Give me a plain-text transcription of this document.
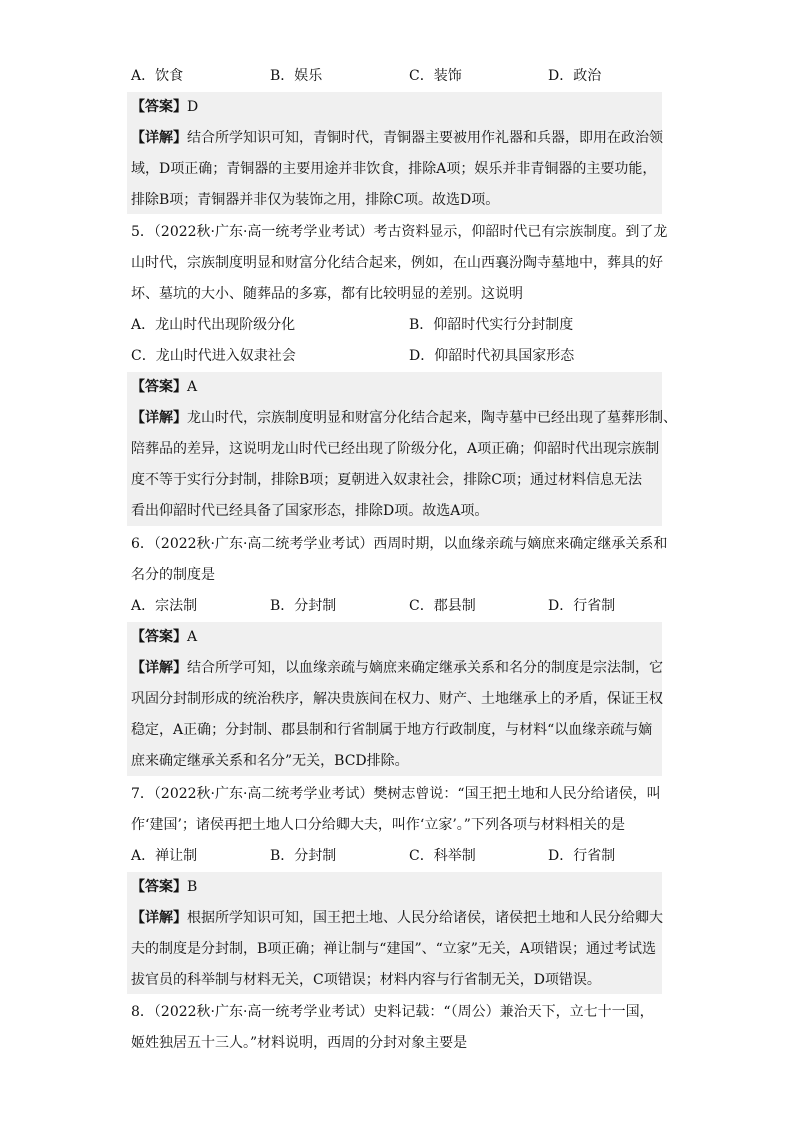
A．饮食	B．娱乐	C．装饰	D．政治
【答案】D
【详解】结合所学知识可知，青铜时代，青铜器主要被用作礼器和兵器，即用在政治领
域，D项正确；青铜器的主要用途并非饮食，排除A项；娱乐并非青铜器的主要功能，
排除B项；青铜器并非仅为装饰之用，排除C项。故选D项。
5．（2022秋·广东·高一统考学业考试）考古资料显示，仰韶时代已有宗族制度。到了龙
山时代，宗族制度明显和财富分化结合起来，例如，在山西襄汾陶寺墓地中，葬具的好
坏、墓坑的大小、随葬品的多寡，都有比较明显的差别。这说明
A．龙山时代出现阶级分化	B．仰韶时代实行分封制度
C．龙山时代进入奴隶社会	D．仰韶时代初具国家形态
【答案】A
【详解】龙山时代，宗族制度明显和财富分化结合起来，陶寺墓中已经出现了墓葬形制、
陪葬品的差异，这说明龙山时代已经出现了阶级分化，A项正确；仰韶时代出现宗族制
度不等于实行分封制，排除B项；夏朝进入奴隶社会，排除C项；通过材料信息无法
看出仰韶时代已经具备了国家形态，排除D项。故选A项。
6．（2022秋·广东·高二统考学业考试）西周时期，以血缘亲疏与嫡庶来确定继承关系和
名分的制度是
A．宗法制	B．分封制	C．郡县制	D．行省制
【答案】A
【详解】结合所学可知，以血缘亲疏与嫡庶来确定继承关系和名分的制度是宗法制，它
巩固分封制形成的统治秩序，解决贵族间在权力、财产、土地继承上的矛盾，保证王权
稳定，A正确；分封制、郡县制和行省制属于地方行政制度，与材料“以血缘亲疏与嫡
庶来确定继承关系和名分”无关，BCD排除。
7．（2022秋·广东·高二统考学业考试）樊树志曾说：“国王把土地和人民分给诸侯，叫
作‘建国’；诸侯再把土地人口分给卿大夫，叫作‘立家’。”下列各项与材料相关的是
A．禅让制	B．分封制	C．科举制	D．行省制
【答案】B
【详解】根据所学知识可知，国王把土地、人民分给诸侯，诸侯把土地和人民分给卿大
夫的制度是分封制，B项正确；禅让制与“建国”、“立家”无关，A项错误；通过考试选
拔官员的科举制与材料无关，C项错误；材料内容与行省制无关，D项错误。
8．（2022秋·广东·高一统考学业考试）史料记载：“（周公）兼治天下，立七十一国，
姬姓独居五十三人。”材料说明，西周的分封对象主要是
